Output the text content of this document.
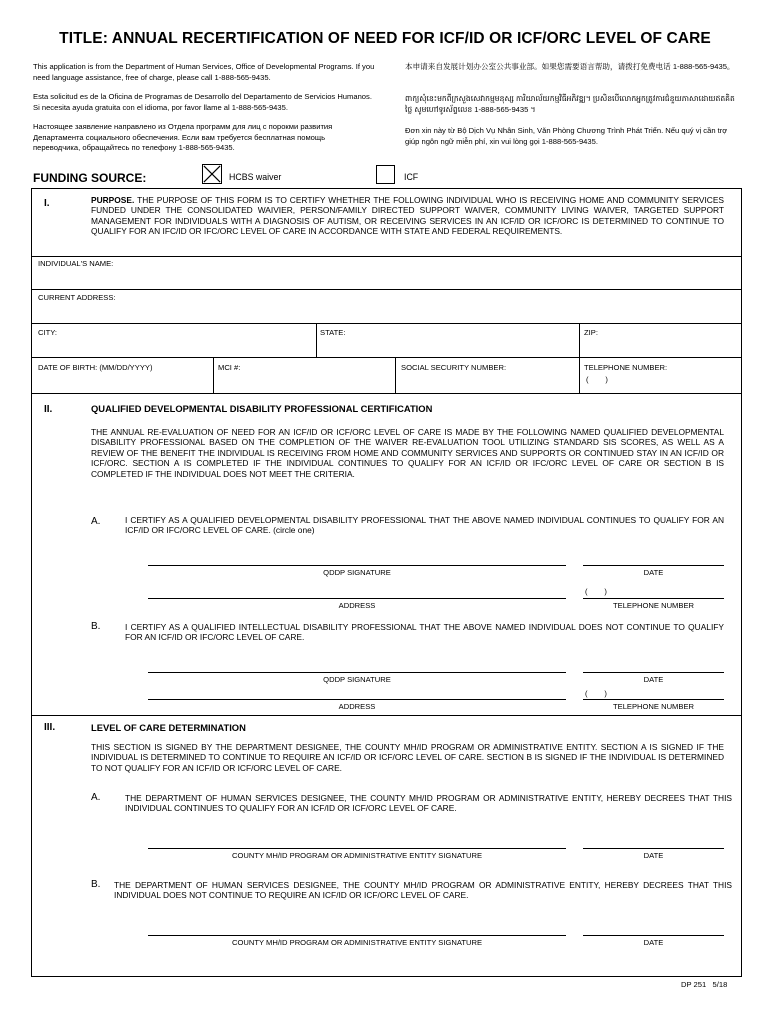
TITLE: ANNUAL RECERTIFICATION OF NEED FOR ICF/ID OR ICF/ORC LEVEL OF CARE
This application is from the Department of Human Services, Office of Developmental Programs. If you need language assistance, free of charge, please call 1-888-565-9435.
Esta solicitud es de la Oficina de Programas de Desarrollo del Departamento de Servicios Humanos. Si necesita ayuda gratuita con el idioma, por favor llame al 1-888-565-9435.
Настоящее заявление направлено из Отдела программ для лиц с порокми развития Департамента социального обеспечения. Если вам требуется бесплатная помощь переводчика, обращайтесь по телефону 1-888-565-9435.
本申请来自发展计划办公室公共事业部。如果您需要语言帮助，请拨打免费电话 1-888-565-9435。
ពាក្យសុំនេះមកពីក្រសួងសេវាកម្មមនុស្ស ការិយាល័យកម្មវិធីអភិវឌ្ឍ។ ប្រសិនបើលោកអ្នកត្រូវការជំនួយភាសាដោយឥតគិតថ្លៃ សូមហៅទូរស័ព្ទលេខ 1-888-565-9435 ។
Đơn xin này từ Bộ Dịch Vụ Nhân Sinh, Văn Phòng Chương Trình Phát Triển. Nếu quý vị cần trợ giúp ngôn ngữ miễn phí, xin vui lòng gọi 1-888-565-9435.
FUNDING SOURCE:	HCBS waiver	ICF
I.	PURPOSE. THE PURPOSE OF THIS FORM IS TO CERTIFY WHETHER THE FOLLOWING INDIVIDUAL WHO IS RECEIVING HOME AND COMMUNITY SERVICES FUNDED UNDER THE CONSOLIDATED WAIVIER, PERSON/FAMILY DIRECTED SUPPORT WAIVER, COMMUNITY LIVING WAIVER, TARGETED SUPPORT MANAGEMENT FOR INDIVIDUALS WITH A DIAGNOSIS OF AUTISM, OR RECEIVING SERVICES IN AN ICF/ID OR ICF/ORC IS DETERMINED TO CONTINUE TO QUALIFY FOR AN IFC/ID OR IFC/ORC LEVEL OF CARE IN ACCORDANCE WITH STATE AND FEDERAL REQUIREMENTS.
INDIVIDUAL'S NAME:
CURRENT ADDRESS:
CITY:	STATE:	ZIP:
DATE OF BIRTH: (MM/DD/YYYY)	MCI #:	SOCIAL SECURITY NUMBER:	TELEPHONE NUMBER:
(        )
II.	QUALIFIED DEVELOPMENTAL DISABILITY PROFESSIONAL CERTIFICATION
THE ANNUAL RE-EVALUATION OF NEED FOR AN ICF/ID OR ICF/ORC LEVEL OF CARE IS MADE BY THE FOLLOWING NAMED QUALIFIED DEVELOPMENTAL DISABILITY PROFESSIONAL BASED ON THE COMPLETION OF THE WAIVER RE-EVALUATION TOOL UTILIZING STANDARD SIS SCORES, AS WELL AS A REVIEW OF THE BENEFIT THE INDIVIDUAL IS RECEIVING FROM HOME AND COMMUNITY SERVICES AND SUPPORTS OR CONTINUED STAY IN AN ICF/ID OR ICF/ORC. SECTION A IS COMPLETED IF THE INDIVIDUAL CONTINUES TO QUALIFY FOR AN ICF/ID OR IFC/ORC LEVEL OF CARE OR SECTION B IS COMPLETED IF THE INDIVIDUAL DOES NOT MEET THE CRITERIA.
A.	I CERTIFY AS A QUALIFIED DEVELOPMENTAL DISABILITY PROFESSIONAL THAT THE ABOVE NAMED INDIVIDUAL CONTINUES TO QUALIFY FOR AN ICF/ID OR IFC/ORC LEVEL OF CARE. (circle one)
QDDP SIGNATURE	DATE
(        )
ADDRESS	TELEPHONE NUMBER
B.	I CERTIFY AS A QUALIFIED INTELLECTUAL DISABILITY PROFESSIONAL THAT THE ABOVE NAMED INDIVIDUAL DOES NOT CONTINUE TO QUALIFY FOR AN ICF/ID OR IFC/ORC LEVEL OF CARE.
QDDP SIGNATURE	DATE
(        )
ADDRESS	TELEPHONE NUMBER
III.	LEVEL OF CARE DETERMINATION
THIS SECTION IS SIGNED BY THE DEPARTMENT DESIGNEE, THE COUNTY MH/ID PROGRAM OR ADMINISTRATIVE ENTITY. SECTION A IS SIGNED IF THE INDIVIDUAL IS DETERMINED TO CONTINUE TO REQUIRE AN ICF/ID OR ICF/ORC LEVEL OF CARE. SECTION B IS SIGNED IF THE INDIVIDUAL IS DETERMINED TO NOT QUALIFY FOR AN ICF/ID OR ICF/ORC LEVEL OF CARE.
A.	THE DEPARTMENT OF HUMAN SERVICES DESIGNEE, THE COUNTY MH/ID PROGRAM OR ADMINISTRATIVE ENTITY, HEREBY DECREES THAT THIS INDIVIDUAL CONTINUES TO QUALIFY FOR AN ICF/ID OR ICF/ORC LEVEL OF CARE.
COUNTY MH/ID PROGRAM OR ADMINISTRATIVE ENTITY SIGNATURE	DATE
B. THE DEPARTMENT OF HUMAN SERVICES DESIGNEE, THE COUNTY MH/ID PROGRAM OR ADMINISTRATIVE ENTITY, HEREBY DECREES THAT THIS INDIVIDUAL DOES NOT CONTINUE TO REQUIRE AN ICF/ID OR ICF/ORC LEVEL OF CARE.
COUNTY MH/ID PROGRAM OR ADMINISTRATIVE ENTITY SIGNATURE	DATE
DP 251 5/18
